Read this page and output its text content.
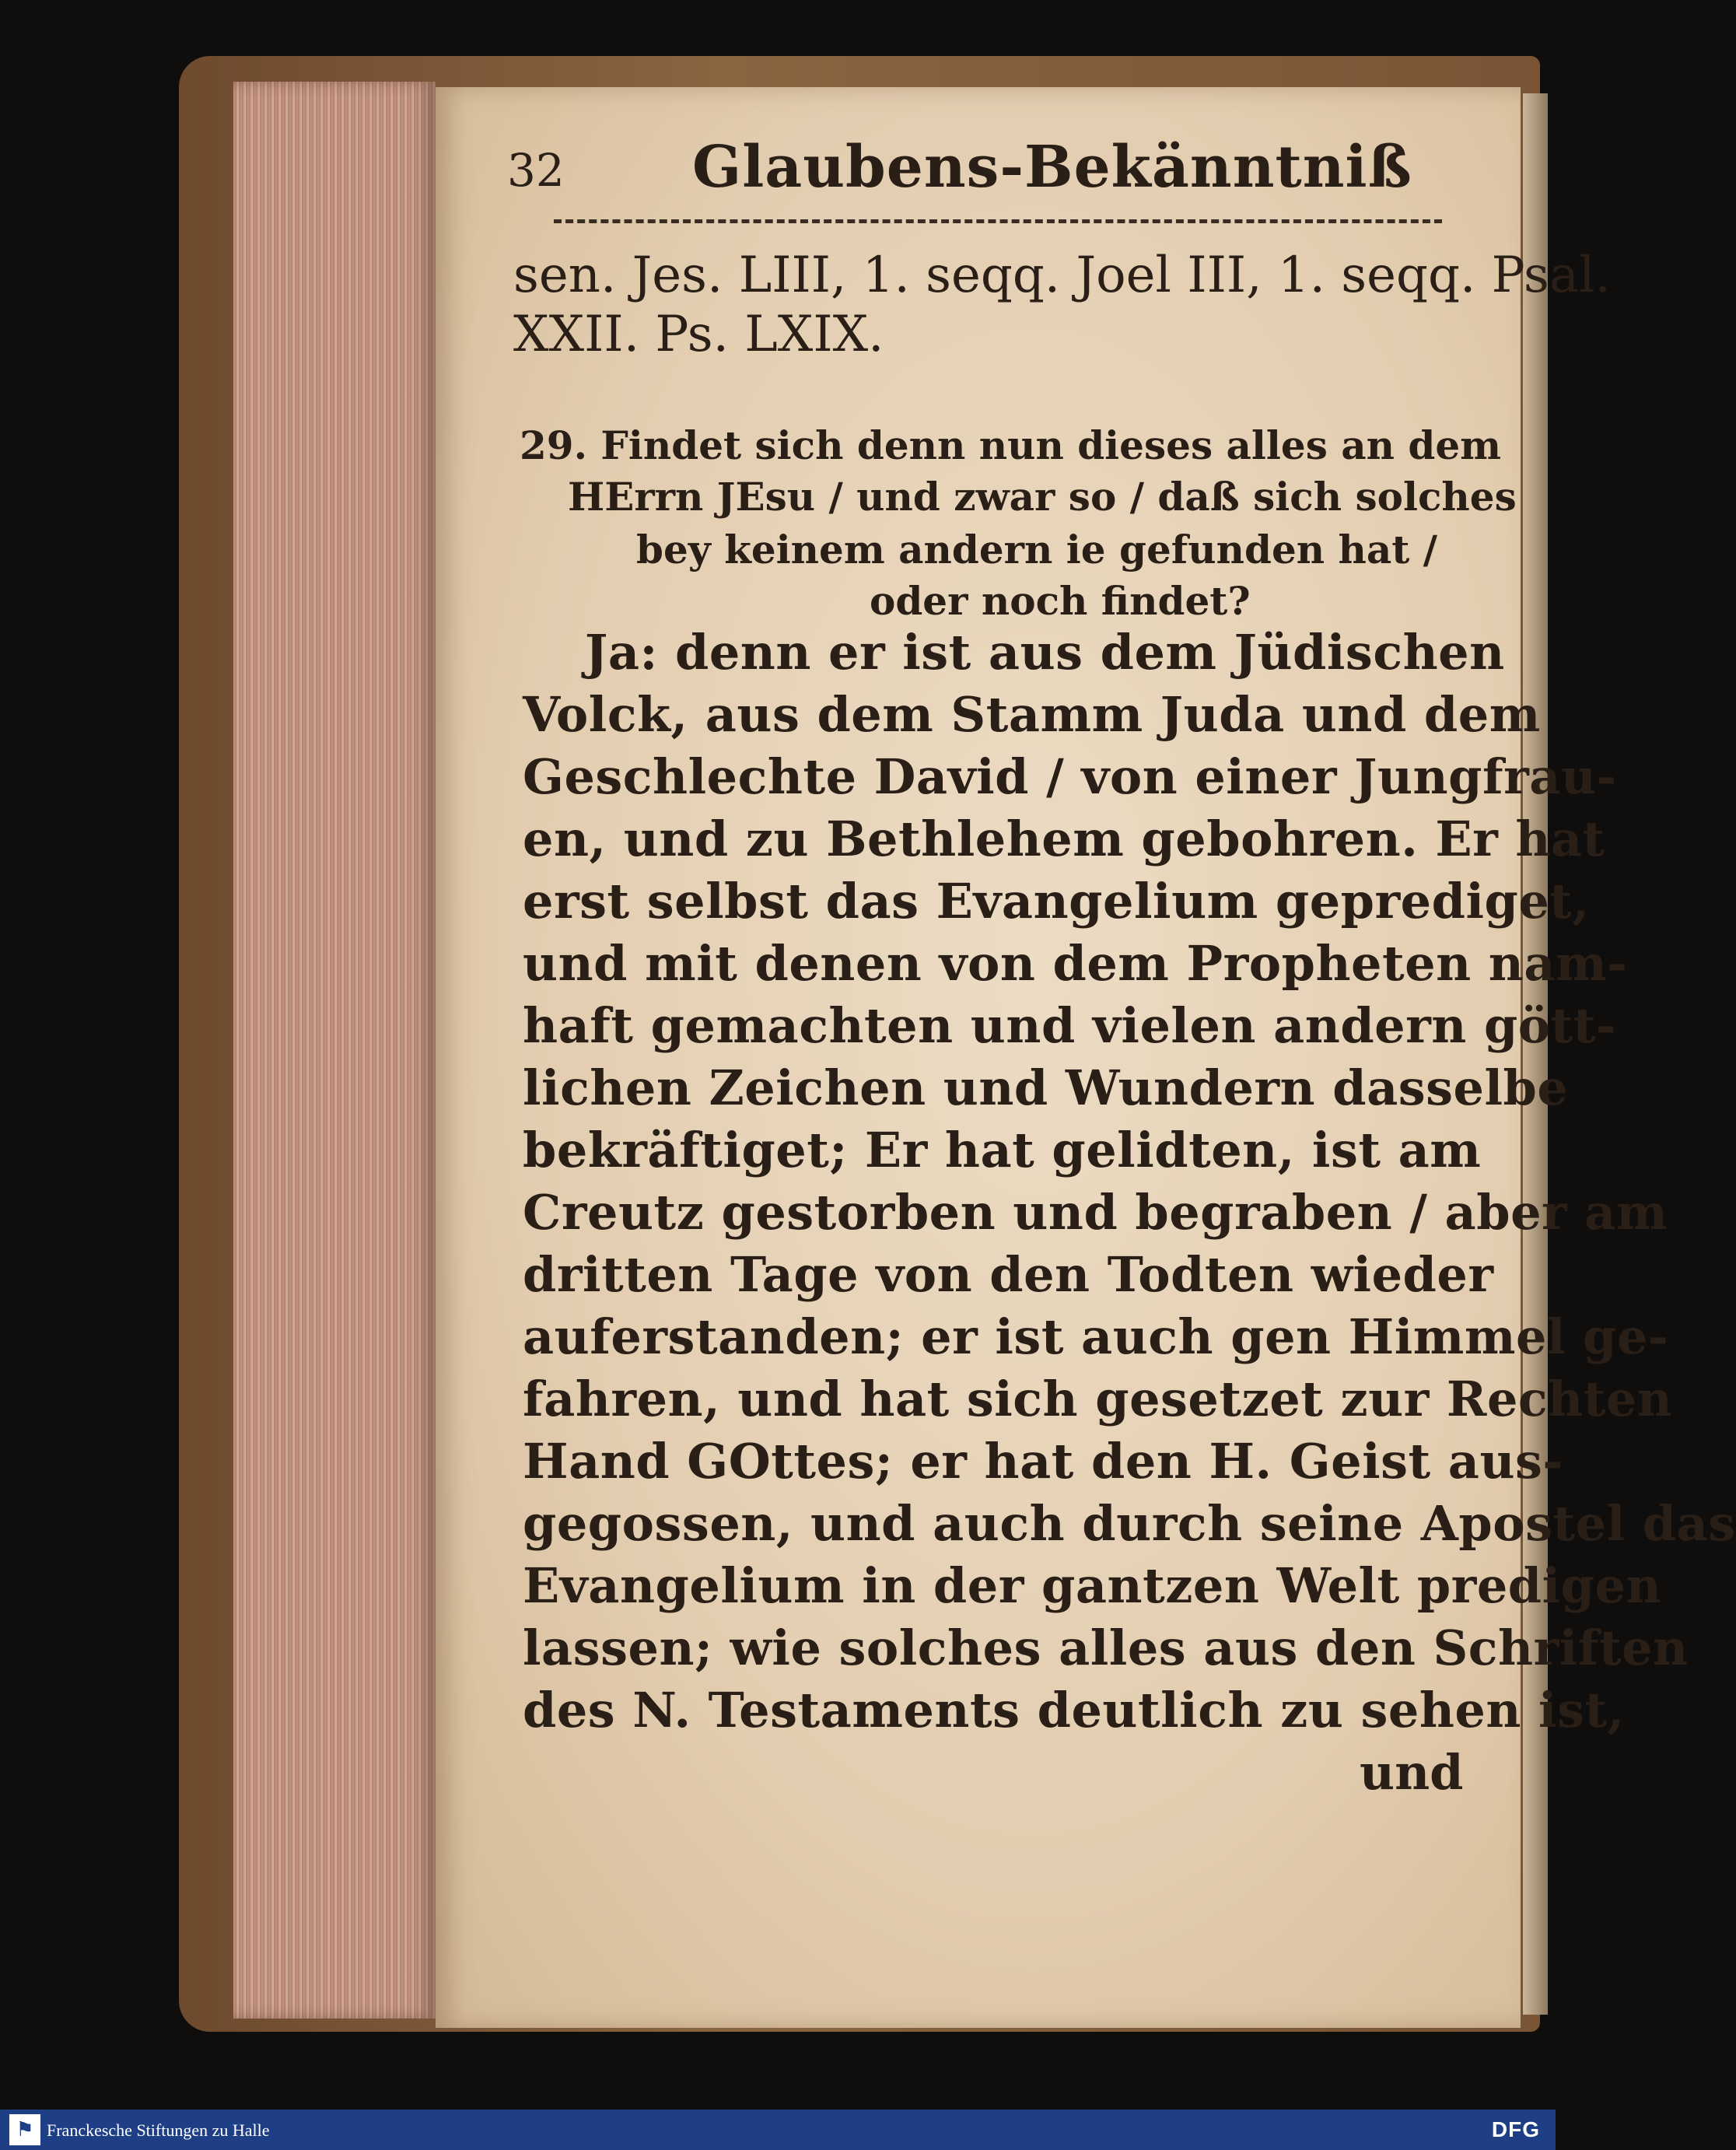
32 Glaubens-Bekänntniß
sen. Jes. LIII, 1. seqq. Joel III, 1. seqq. Psal.
XXII. Ps. LXIX.
29. Findet sich denn nun dieses alles an dem
HErrn JEsu / und zwar so / daß sich solches
bey keinem andern ie gefunden hat /
oder noch findet?
Ja: denn er ist aus dem Jüdischen
Volck, aus dem Stamm Juda und dem
Geschlechte David / von einer Jungfrau-
en, und zu Bethlehem gebohren. Er hat
erst selbst das Evangelium geprediget,
und mit denen von dem Propheten nam-
haft gemachten und vielen andern gött-
lichen Zeichen und Wundern dasselbe
bekräftiget; Er hat gelidten, ist am
Creutz gestorben und begraben / aber am
dritten Tage von den Todten wieder
auferstanden; er ist auch gen Himmel ge-
fahren, und hat sich gesetzet zur Rechten
Hand GOttes; er hat den H. Geist aus-
gegossen, und auch durch seine Apostel das
Evangelium in der gantzen Welt predigen
lassen; wie solches alles aus den Schriften
des N. Testaments deutlich zu sehen ist,
und
⚑ Franckesche Stiftungen zu Halle	DFG
